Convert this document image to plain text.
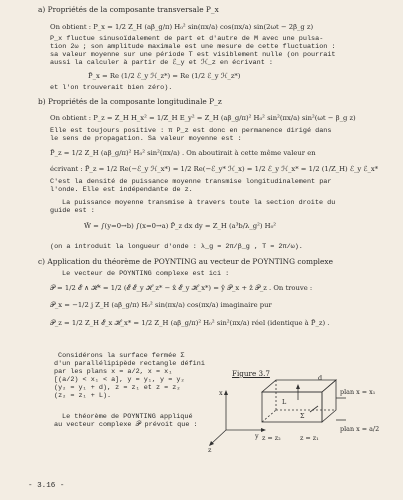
a) Propriétés de la composante transversale P_x
On obtient : P_x = 1/2 Z_H (aβ_g/π) H₀² sin(πx/a) cos(πx/a) sin(2ωt − 2β_g z)
P_x fluctue sinusoïdalement de part et d'autre de M avec une pulsa-
tion 2ω ; son amplitude maximale est une mesure de cette fluctuation :
sa valeur moyenne sur une période T est visiblement nulle (on pourrait
aussi la calculer à partir de ℰ_y et ℋ_z en écrivant :
P̄_x = Re (1/2 ℰ_y ℋ_z*) = Re (1/2 ℰ_y ℋ_z*)
et l'on trouverait bien zéro).
b) Propriétés de la composante longitudinale P_z
On obtient : P_z = Z_H H_x² = 1/Z_H E_y² = Z_H (aβ_g/π)² H₀² sin²(πx/a) sin²(ωt − β_g z)
Elle est toujours positive : π P_z est donc en permanence dirigé dans
le sens de propagation. Sa valeur moyenne est :
P̄_z = 1/2 Z_H (aβ_g/π)² H₀² sin²(πx/a) . On aboutirait à cette même valeur en
écrivant : P̄_z = 1/2 Re(−ℰ_y ℋ_x*) = 1/2 Re(−ℰ_y* ℋ_x) = 1/2 ℰ_y ℋ_x* = 1/2 (1/Z_H) ℰ_y ℰ_x*
C'est la densité de puissance moyenne transmise longitudinalement par
l'onde. Elle est indépendante de z.
La puissance moyenne transmise à travers toute la section droite du
guide est :
W̄ = ∫(y=0→b) ∫(x=0→a) P̄_z dx dy = Z_H (a³b/λ_g²) H₀²
(on a introduit la longueur d'onde : λ_g = 2π/β_g , T = 2π/ω).
c) Application du théorème de POYNTING au vecteur de POYNTING complexe
Le vecteur de POYNTING complexe est ici :
𝒫 = 1/2 ℰ ∧ ℋ* = 1/2 (ℰ ℰ_y ℋ_z* − x̂ ℰ_y ℋ_x*) = ŷ 𝒫_x + ẑ 𝒫_z . On trouve :
𝒫_x = −1/2 j Z_H (aβ_g/π) H₀² sin(πx/a) cos(πx/a) imaginaire pur
𝒫_z = 1/2 Z_H ℰ_x ℋ_x* = 1/2 Z_H (aβ_g/π)² H₀² sin²(πx/a) réel (identique à P̄_z) .
Considérons la surface fermée Σ
d'un parallélipipède rectangle défini
par les plans x = a/2, x = x₁
[(a/2) < x₁ < a], y = y₁, y = y₂
(y₂ = y₁ + d), z = z₁ et z = z₂
(z₂ = z₁ + L).
Le théorème de POYNTING appliqué
au vecteur complexe 𝒫 prévoit que :
Figure 3.7
x
y
z
d
L
plan x = x₁
plan x = a/2
z = z₂	z = z₁
Σ
- 3.16 -
